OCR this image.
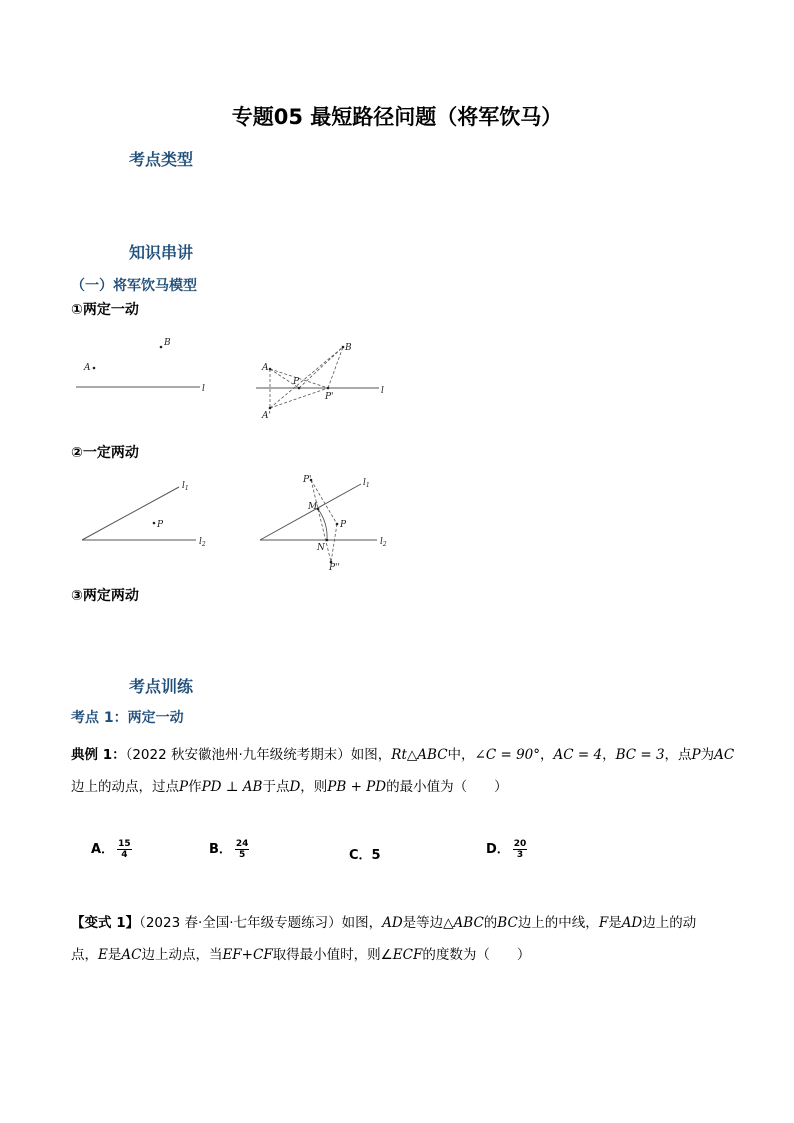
专题05 最短路径问题（将军饮马）
考点类型
知识串讲
（一）将军饮马模型
①两定一动
A
B
l
A
B
P
P'
A'
l
②一定两动
P
$l_1$
$l_2$
P'
M
P
N
P''
$l_1$
$l_2$
③两定两动
考点训练
考点 1：两定一动
典例 1：（2022 秋安徽池州·九年级统考期末）如图，Rt△ABC中，∠C = 90°，AC = 4，BC = 3，点P为AC
边上的动点，过点P作PD ⊥ AB于点D，则PB + PD的最小值为（　　）
A． $\frac{15}{4}$	B． $\frac{24}{5}$	C．5	D． $\frac{20}{3}$
【变式 1】（2023 春·全国·七年级专题练习）如图，AD是等边△ABC的BC边上的中线，F是AD边上的动
点，E是AC边上动点，当EF+CF取得最小值时，则∠ECF的度数为（　　）
